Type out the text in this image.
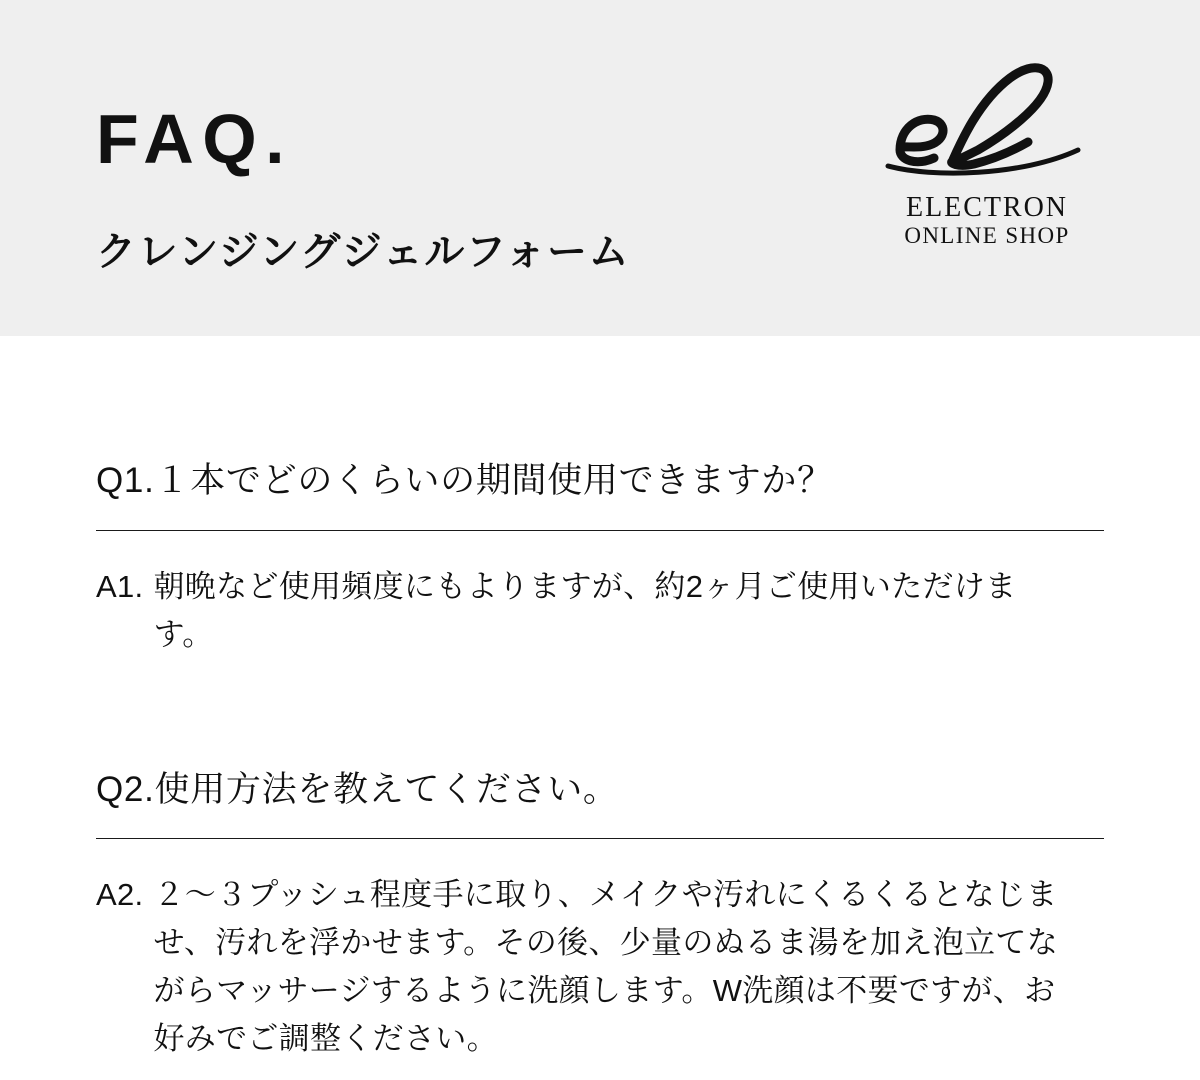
FAQ.
クレンジングジェルフォーム
ELECTRON
ONLINE SHOP
Q1.１本でどのくらいの期間使用できますか？
A1. 朝晩など使用頻度にもよりますが、約2ヶ月ご使用いただけます。
Q2.使用方法を教えてください。
A2. ２〜３プッシュ程度手に取り、メイクや汚れにくるくるとなじませ、汚れを浮かせます。その後、少量のぬるま湯を加え泡立てながらマッサージするように洗顔します。W洗顔は不要ですが、お好みでご調整ください。
